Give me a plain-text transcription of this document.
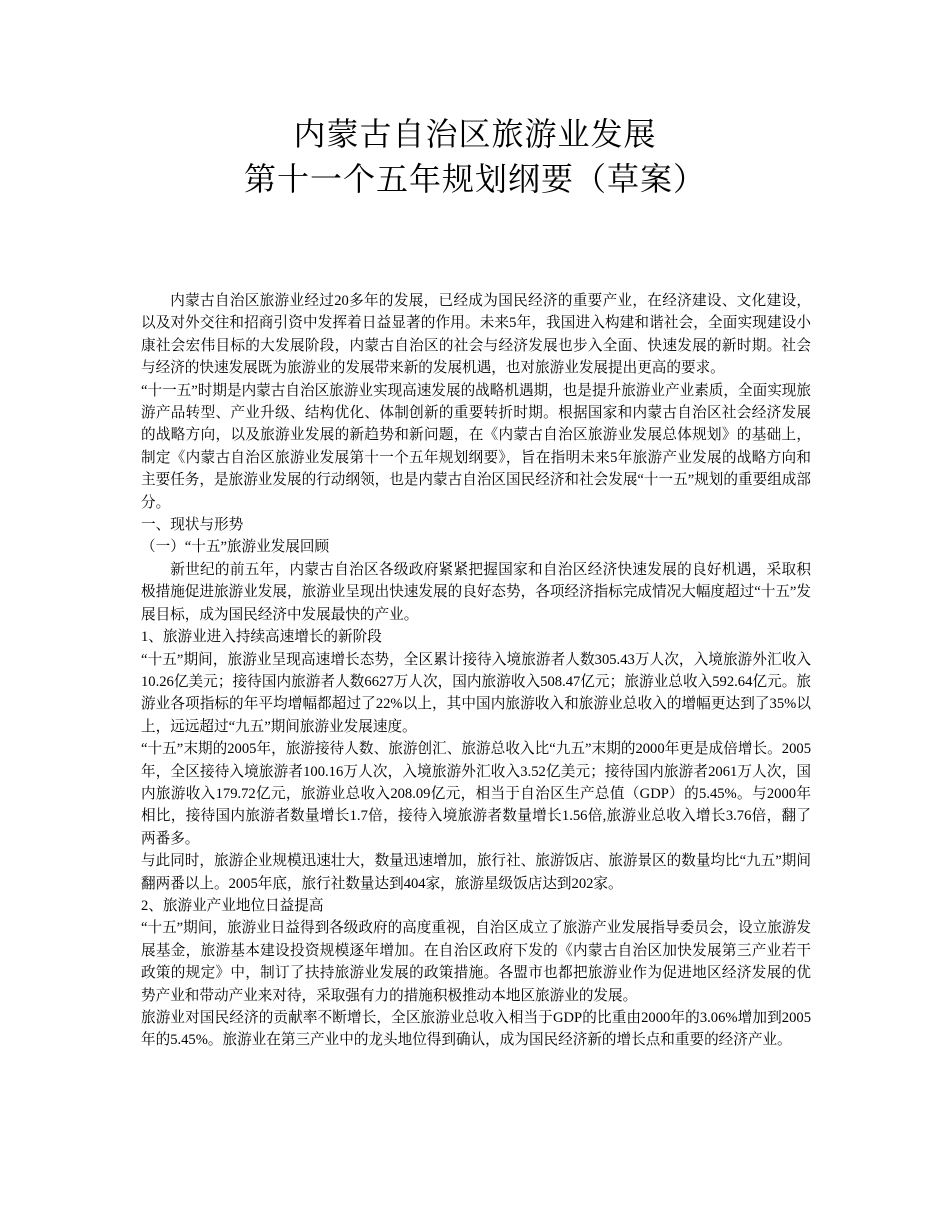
内蒙古自治区旅游业发展
第十一个五年规划纲要（草案）

内蒙古自治区旅游业经过20多年的发展，已经成为国民经济的重要产业，在经济建设、文化建设，以及对外交往和招商引资中发挥着日益显著的作用。未来5年，我国进入构建和谐社会，全面实现建设小康社会宏伟目标的大发展阶段，内蒙古自治区的社会与经济发展也步入全面、快速发展的新时期。社会与经济的快速发展既为旅游业的发展带来新的发展机遇，也对旅游业发展提出更高的要求。

“十一五”时期是内蒙古自治区旅游业实现高速发展的战略机遇期，也是提升旅游业产业素质，全面实现旅游产品转型、产业升级、结构优化、体制创新的重要转折时期。根据国家和内蒙古自治区社会经济发展的战略方向，以及旅游业发展的新趋势和新问题，在《内蒙古自治区旅游业发展总体规划》的基础上，制定《内蒙古自治区旅游业发展第十一个五年规划纲要》，旨在指明未来5年旅游产业发展的战略方向和主要任务，是旅游业发展的行动纲领，也是内蒙古自治区国民经济和社会发展“十一五”规划的重要组成部分。

一、现状与形势

（一）“十五”旅游业发展回顾

新世纪的前五年，内蒙古自治区各级政府紧紧把握国家和自治区经济快速发展的良好机遇，采取积极措施促进旅游业发展，旅游业呈现出快速发展的良好态势，各项经济指标完成情况大幅度超过“十五”发展目标，成为国民经济中发展最快的产业。

1、旅游业进入持续高速增长的新阶段

“十五”期间，旅游业呈现高速增长态势，全区累计接待入境旅游者人数305.43万人次，入境旅游外汇收入10.26亿美元；接待国内旅游者人数6627万人次，国内旅游收入508.47亿元；旅游业总收入592.64亿元。旅游业各项指标的年平均增幅都超过了22%以上，其中国内旅游收入和旅游业总收入的增幅更达到了35%以上，远远超过“九五”期间旅游业发展速度。

“十五”末期的2005年，旅游接待人数、旅游创汇、旅游总收入比“九五”末期的2000年更是成倍增长。2005年，全区接待入境旅游者100.16万人次，入境旅游外汇收入3.52亿美元；接待国内旅游者2061万人次，国内旅游收入179.72亿元，旅游业总收入208.09亿元，相当于自治区生产总值（GDP）的5.45%。与2000年相比，接待国内旅游者数量增长1.7倍，接待入境旅游者数量增长1.56倍,旅游业总收入增长3.76倍，翻了两番多。

与此同时，旅游企业规模迅速壮大，数量迅速增加，旅行社、旅游饭店、旅游景区的数量均比“九五”期间翻两番以上。2005年底，旅行社数量达到404家，旅游星级饭店达到202家。

2、旅游业产业地位日益提高

“十五”期间，旅游业日益得到各级政府的高度重视，自治区成立了旅游产业发展指导委员会，设立旅游发展基金，旅游基本建设投资规模逐年增加。在自治区政府下发的《内蒙古自治区加快发展第三产业若干政策的规定》中，制订了扶持旅游业发展的政策措施。各盟市也都把旅游业作为促进地区经济发展的优势产业和带动产业来对待，采取强有力的措施积极推动本地区旅游业的发展。

旅游业对国民经济的贡献率不断增长，全区旅游业总收入相当于GDP的比重由2000年的3.06%增加到2005年的5.45%。旅游业在第三产业中的龙头地位得到确认，成为国民经济新的增长点和重要的经济产业。
